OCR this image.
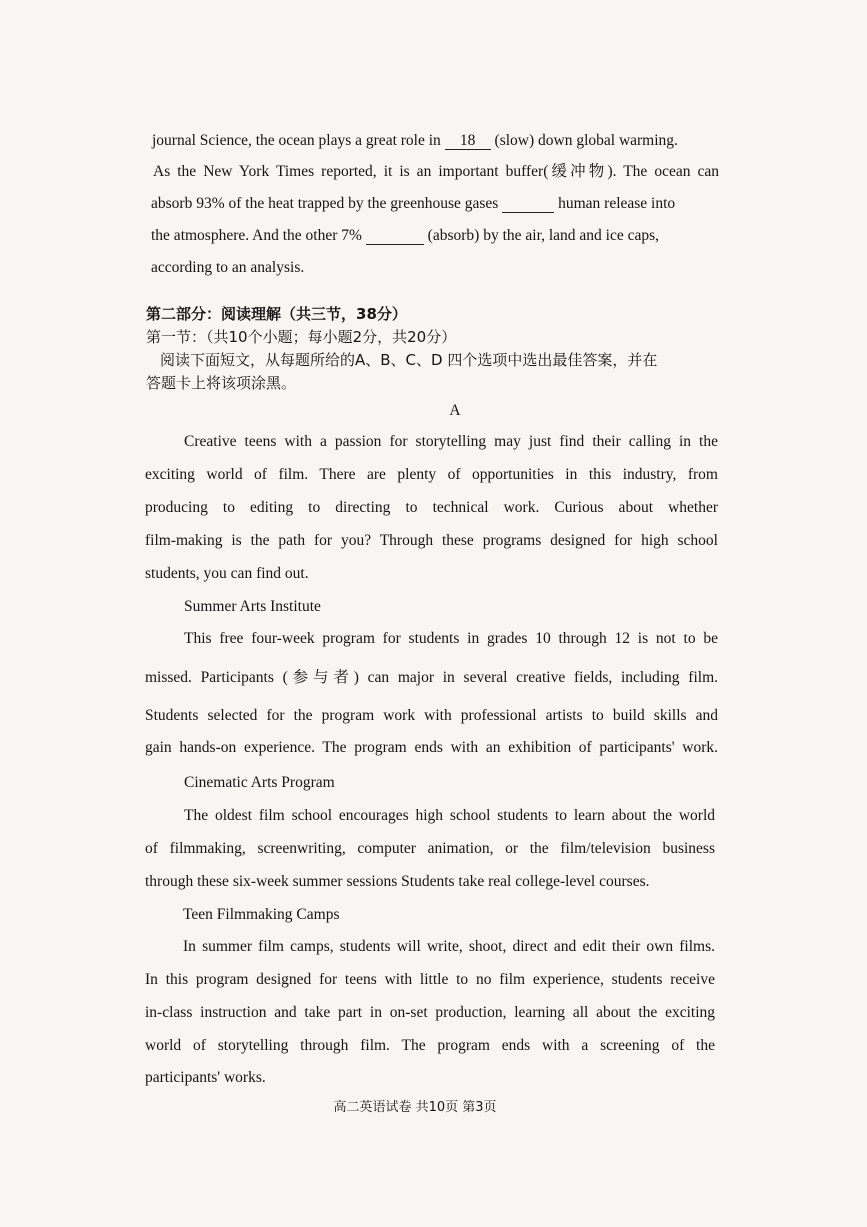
journal Science, the ocean plays a great role in 18 (slow) down global warming.
As the New York Times reported, it is an important buffer(缓冲物). The ocean can
absorb 93% of the heat trapped by the greenhouse gases	human release into
the atmosphere. And the other 7%	(absorb) by the air, land and ice caps,
according to an analysis.
第二部分：阅读理解（共三节，38分）
第一节：（共10个小题；每小题2分，共20分）
阅读下面短文，从每题所给的A、B、C、D 四个选项中选出最佳答案，并在
答题卡上将该项涂黑。
A
Creative teens with a passion for storytelling may just find their calling in the
exciting world of film. There are plenty of opportunities in this industry, from
producing to editing to directing to technical work. Curious about whether
film-making is the path for you? Through these programs designed for high school
students, you can find out.
Summer Arts Institute
This free four-week program for students in grades 10 through 12 is not to be
missed. Participants (参与者) can major in several creative fields, including film.
Students selected for the program work with professional artists to build skills and
gain hands-on experience. The program ends with an exhibition of participants' work.
Cinematic Arts Program
The oldest film school encourages high school students to learn about the world
of filmmaking, screenwriting, computer animation, or the film/television business
through these six-week summer sessions Students take real college-level courses.
Teen Filmmaking Camps
In summer film camps, students will write, shoot, direct and edit their own films.
In this program designed for teens with little to no film experience, students receive
in-class instruction and take part in on-set production, learning all about the exciting
world of storytelling through film. The program ends with a screening of the
participants' works.
高二英语试卷 共10页 第3页
